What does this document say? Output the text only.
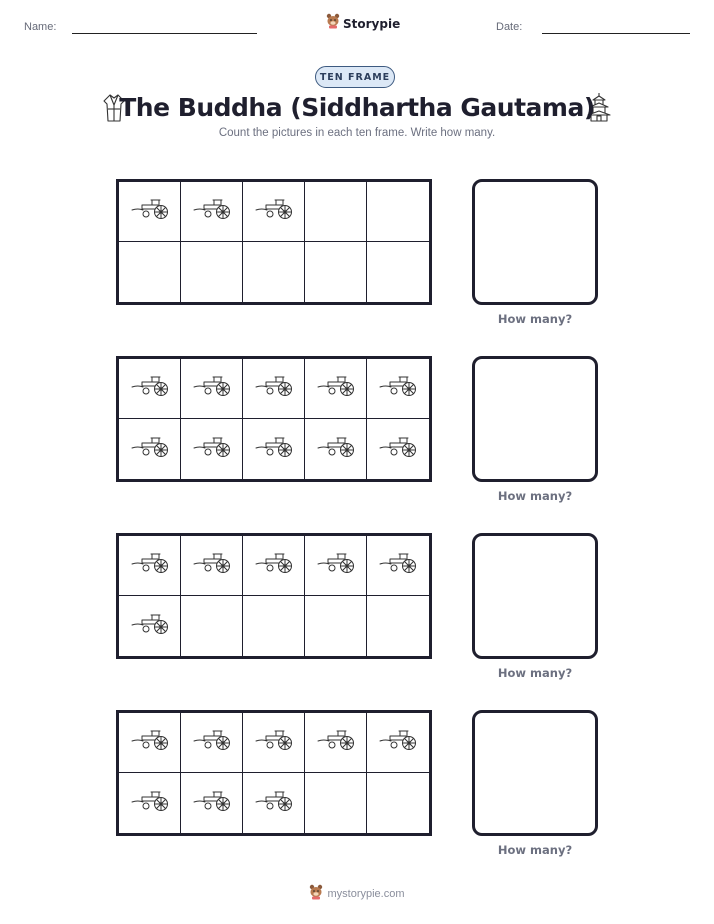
Name:	Storypie	Date:
TEN FRAME
The Buddha (Siddhartha Gautama)
Count the pictures in each ten frame. Write how many.
How many?
How many?
How many?
How many?
mystorypie.com
